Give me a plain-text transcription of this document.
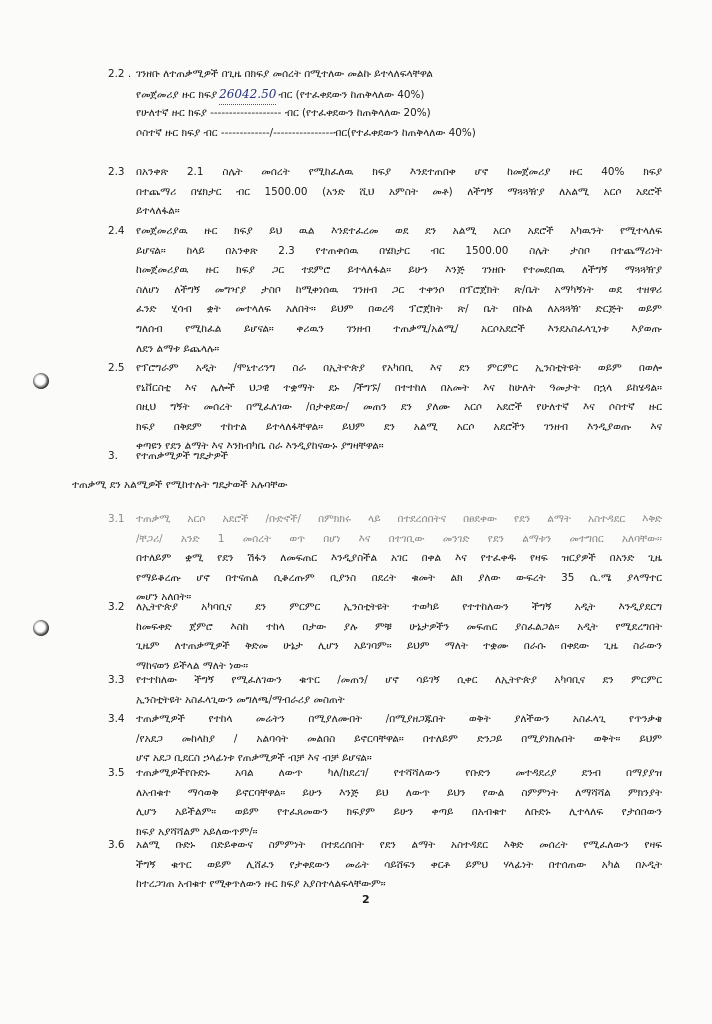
2.2 . ገንዘቡ ለተጠቃሚዎች በጊዜ በክፍያ መሰረት በሚተለው መልኩ ይተላለፍላቸዋል
የመጀመሪያ ዙር ክፍያ 26042.50 ብር (የተፈቀደውን ከጠቅላለው 40%)
የሁለተኛ ዙር ክፍያ ------------------- ብር (የተፈቀደውን ከጠቅላለው 20%)
ሶስተኛ ዙር ክፍያ ብር -------------/----------------ብር(የተፈቀደውን ከጠቅላለው 40%)
2.3 በአንቀጽ 2.1 ስሌት መሰረት የሚከፈለዉ ክፍያ እንደተጠበቀ ሆኖ ከመጀመሪያ ዙር 40% ክፍያ
በተጨማሪ በሄክታር ብር 1500.00 (አንድ ሺህ አምስት መቶ) ለችግኝ ማጓጓዥያ ለአልሚ አርሶ አደሮች
ይተላለፋል።
2.4 የመጀመሪያዉ ዙር ክፍያ ይህ ዉል እንደተፈረመ ወደ ደን አልሚ አርሶ አደሮች አካዉንት የሚተላለፍ
ይሆናል። ከላይ በአንቀጽ 2.3 የተጠቀሰዉ በሄክታር ብር 1500.00 ስሌት ታስቦ በተጨማሪነት
ከመጀመሪያዉ ዙር ክፍያ ጋር ተደምሮ ይተላለፋል። ይሁን እንጅ ገንዘቡ የተመደበዉ ለችግኝ ማጓጓዥያ
ስለሆነ ለችግኝ መግዣያ ታስቦ ከሚቀነሰዉ ገንዘብ ጋር ተቀንሶ በፕሮጀክት ጽ/ቤት አማካኝነት ወደ ተዘዋሪ
ፈንድ ሂሳብ ቋት መተላለፍ አለበት። ይህም በወረዳ ፕሮጀክት ጽ/ ቤት በኩል ለአጓጓዥ ድርጅት ወይም
ግለሰብ የሚከፈል ይሆናል። ቀሪዉን ገንዘብ ተጠቃሚ/አልሚ/ አርሶአደሮች እንደአስፈላጊነቱ እያወጡ
ለደን ልማቱ ይጨላሉ።
2.5 የፕሮግራም አዲት /ሞኒተሪንግ ስራ በኢትዮጵያ የአካበቢ እና ደን ምርምር ኢንስቲትዩት ወይም በወሎ
የኒቨርስቲ እና ሌሎች ህጋዊ ተቋማት ደኑ /ችግኙ/ በተተከለ በአመት እና ከሁለት ዓመታት በኋላ ይከሄዳል።
በዚህ ግኝት መሰረት በሚፈለገው /በታቀደው/ መጠን ደን ያለሙ አርሶ አደሮች የሁለተኛ እና ሶስተኛ ዙር
ክፍያ በቅደም ተከተል ይተላለፋቸዋል። ይህም ደን አልሚ አርሶ አደሮችን ገንዘብ እንዲያወጡ እና
ቀጣዩን የደን ልማት እና እንክብካቤ ስራ እንዲያከናውኑ ያግዛቸዋል።
3. የተጠቃሚዎች ግዴታዎች
ተጠቃሚ ደን አልሚዎች የሚከተሉት ግዴታወች አሉባቸው
3.1 ተጠቃሚ አርሶ አደሮች /ቡድኖች/ በምክክሩ ላይ በተደረሰበትና በፀደቀው የደን ልማት አስተዳደር እቅድ
/ቸጋሪ/ አንድ 1 መሰረት ወጥ በሆነ እና በተገቢው መንገድ የደን ልማቱን መተግበር አለባቸው።
በተለይም ቋሚ የደን ሽፋን ለመፍጠር እንዲያስችል አገር በቀል እና የተፈቀዱ የዛፍ ዝርያዎች በአንድ ጊዜ
የማይቆረጡ ሆኖ በተናጠል ሲቆረጡም ቢያንስ በደረት ቁመት ልክ ያለው ውፍረት 35 ሴ.ሜ ያላማተር
መሆን አለበት።
3.2 ለኢትዮጵያ አካባቢና ደን ምርምር ኢንስቲትዩት ተወካይ የተተከለውን ችግኝ አዲት እንዲያደርግ
ከመፍቀድ ጀምሮ እስከ ተከላ በታው ያሉ ምቹ ሁኔታዎችን መፍጠር ያስፈልጋል። አዲት የሚደረግበት
ጊዜም ለተጠቃሚዎች ቅድመ ሁኔታ ሊሆን አይገባም። ይህም ማለት ተቋሙ በራሱ በቀደው ጊዜ ስራውን
ማከናወን ይችላል ማለት ነው።
3.3 የተተከለው ችግኝ የሚፈለገውን ቁጥር /መጠን/ ሆኖ ሳይገኝ ሲቀር ለኢትዮጵያ አካባቢና ደን ምርምር
ኢንስቲትዩት አስፈላጊውን መግለጫ/ማብራሪያ መስጠት
3.4 ተጠቃሚዎች የተከላ መሬትን በሚያለሙበት /በሚያዘጋጁበት ወቅት ያለችውን አስፈላጊ የጥንቃቄ
/የአደጋ መከላከያ / አልባሳት መልበስ ይኖርባቸዋል። በተለይም ድንጋይ በሚያነክሉበት ወቅት። ይህም
ሆኖ አደጋ ቢደርስ ኃላፊነቱ የጠቃሚዎች ብቻ እና ብቻ ይሆናል።
3.5 ተጠቃሚዎችየቡድኑ አባል ለውጥ ካለ/ከደረገ/ የተሻሻለውን የቡድን መተዳደሪያ ደንብ በማያያዝ
ለአብቁተ ማሳወቅ ይኖርባቸዋል። ይሁን እንጅ ይህ ለውጥ ይህን የውል ስምምነት ለማሻሻል ምክንያት
ሊሆን አይችልም። ወይም የተፈጸመውን ክፍያም ይሁን ቀጣይ በአብቁተ ለቡድኑ ሊተላለፍ የታሰበውን
ክፍያ አያሻሻልም አይለውጥም/።
3.6 አልሚ ቡድኑ በድይቀውና ስምምነት በተደረሰበት የደን ልማት አስተዳደር እቅድ መሰረት የሚፈለውን የዛፍ
ችግኝ ቁጥር ወይም ሊሸፈን የታቀደውን መሬት ሳይሸፍን ቀርቶ ይምህ ሃላፊነት በተሰጠው አካል በኦዲት
ከተረጋገጠ አብቁተ የሚቀጥለውን ዙር ክፍያ አያስተላልፍላቸውም።
2
